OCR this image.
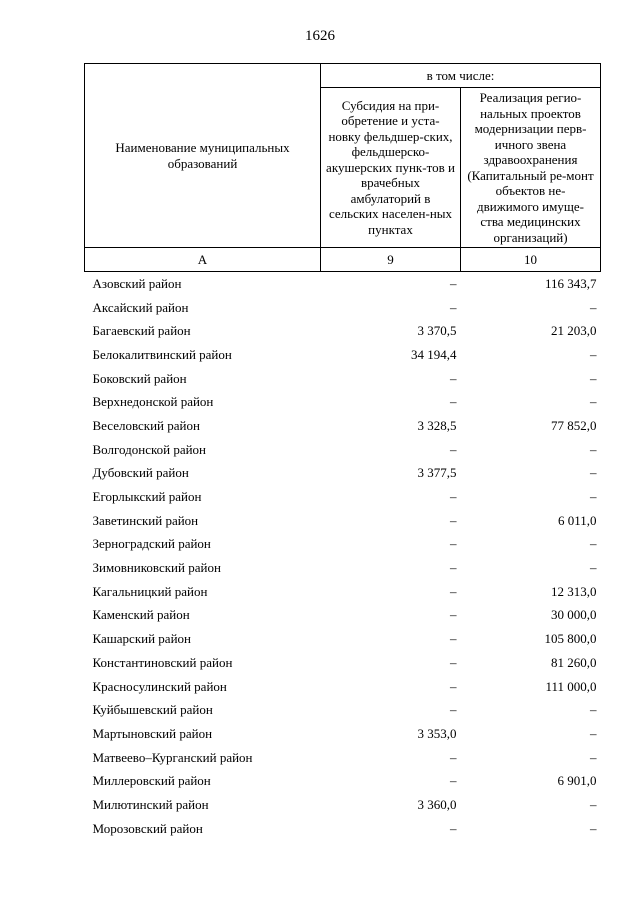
1626
Наименование муниципальных образований	в том числе:	

	Субсидия на при-обретение и уста-новку фельдшер-ских, фельдшерско-акушерских пунк-тов и врачебных амбулаторий в сельских населен-ных пунктах	Реализация регио-нальных проектов модернизации перв-ичного звена здравоохранения (Капитальный ре-монт объектов не-движимого имуще-ства медицинских организаций)

А	9	10
Азовский район	–	116 343,7
Аксайский район	–	–
Багаевский район	3 370,5	21 203,0
Белокалитвинский район	34 194,4	–
Боковский район	–	–
Верхнедонской район	–	–
Веселовский район	3 328,5	77 852,0
Волгодонской район	–	–
Дубовский район	3 377,5	–
Егорлыкский район	–	–
Заветинский район	–	6 011,0
Зерноградский район	–	–
Зимовниковский район	–	–
Кагальницкий район	–	12 313,0
Каменский район	–	30 000,0
Кашарский район	–	105 800,0
Константиновский район	–	81 260,0
Красносулинский район	–	111 000,0
Куйбышевский район	–	–
Мартыновский район	3 353,0	–
Матвеево–Курганский район	–	–
Миллеровский район	–	6 901,0
Милютинский район	3 360,0	–
Морозовский район	–	–
